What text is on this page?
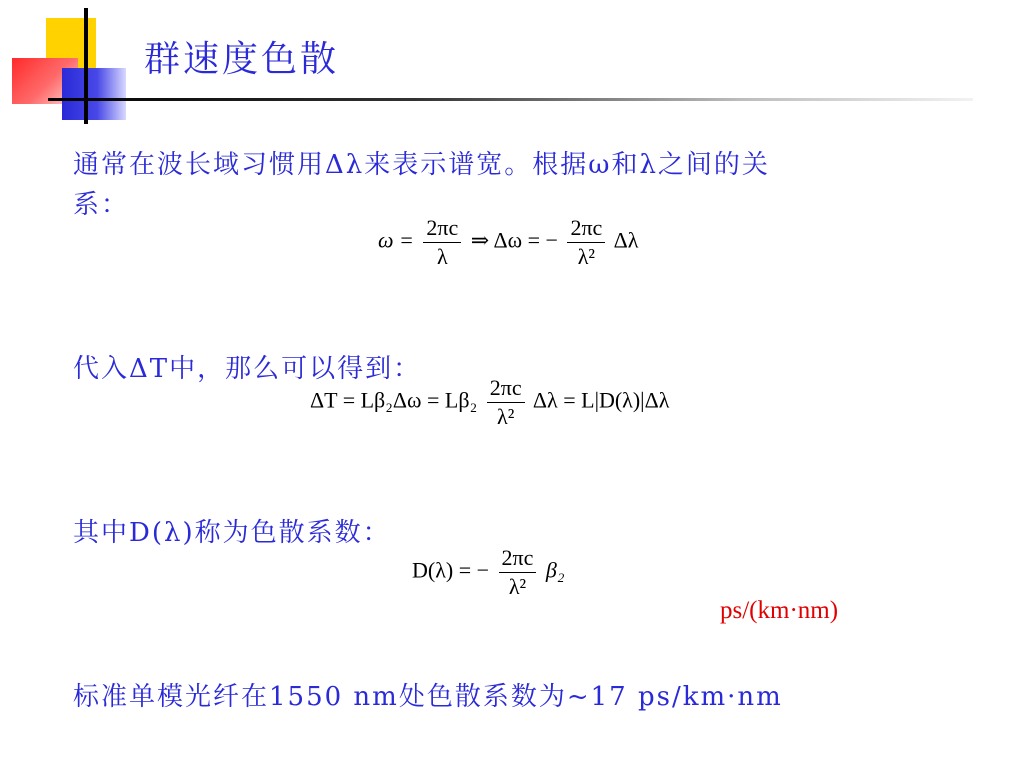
群速度色散
通常在波长域习惯用Δλ来表示谱宽。根据ω和λ之间的关
系：
$\omega = \frac{2\pi c}{\lambda}$ ⇒ Δω = − $\frac{2\pi c}{\text{λ²}}$ Δλ
代入ΔT中，那么可以得到：
$\Delta T = L\beta_2\Delta\omega = L\beta_2 \frac{2\pi c}{\text{λ²}}$ Δλ = L|D(λ)|Δλ
其中D(λ)称为色散系数：
D(λ) = − $\frac{2\pi c}{\text{λ²}} \beta_2$
ps/(km·nm)
标准单模光纤在1550 nm处色散系数为~17 ps/km·nm
